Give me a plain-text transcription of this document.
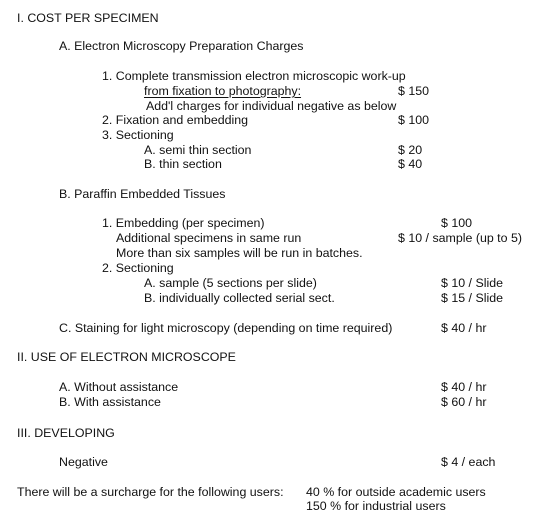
I. COST PER SPECIMEN
A. Electron Microscopy Preparation Charges
1. Complete transmission electron microscopic work-up
from fixation to photography:	$ 150
Add'l charges for individual negative as below
2. Fixation and embedding	$ 100
3. Sectioning
A. semi thin section	$ 20
B. thin section	$ 40
B. Paraffin Embedded Tissues
1. Embedding (per specimen)	$ 100
Additional specimens in same run	$ 10 / sample (up to 5)
More than six samples will be run in batches.
2. Sectioning
A. sample (5 sections per slide)	$ 10 / Slide
B. individually collected serial sect.	$ 15 / Slide
C. Staining for light microscopy (depending on time required)	$ 40 / hr
II. USE OF ELECTRON MICROSCOPE
A. Without assistance	$ 40 / hr
B. With assistance	$ 60 / hr
III. DEVELOPING
Negative	$ 4 / each
There will be a surcharge for the following users: 40 % for outside academic users
150 % for industrial users
